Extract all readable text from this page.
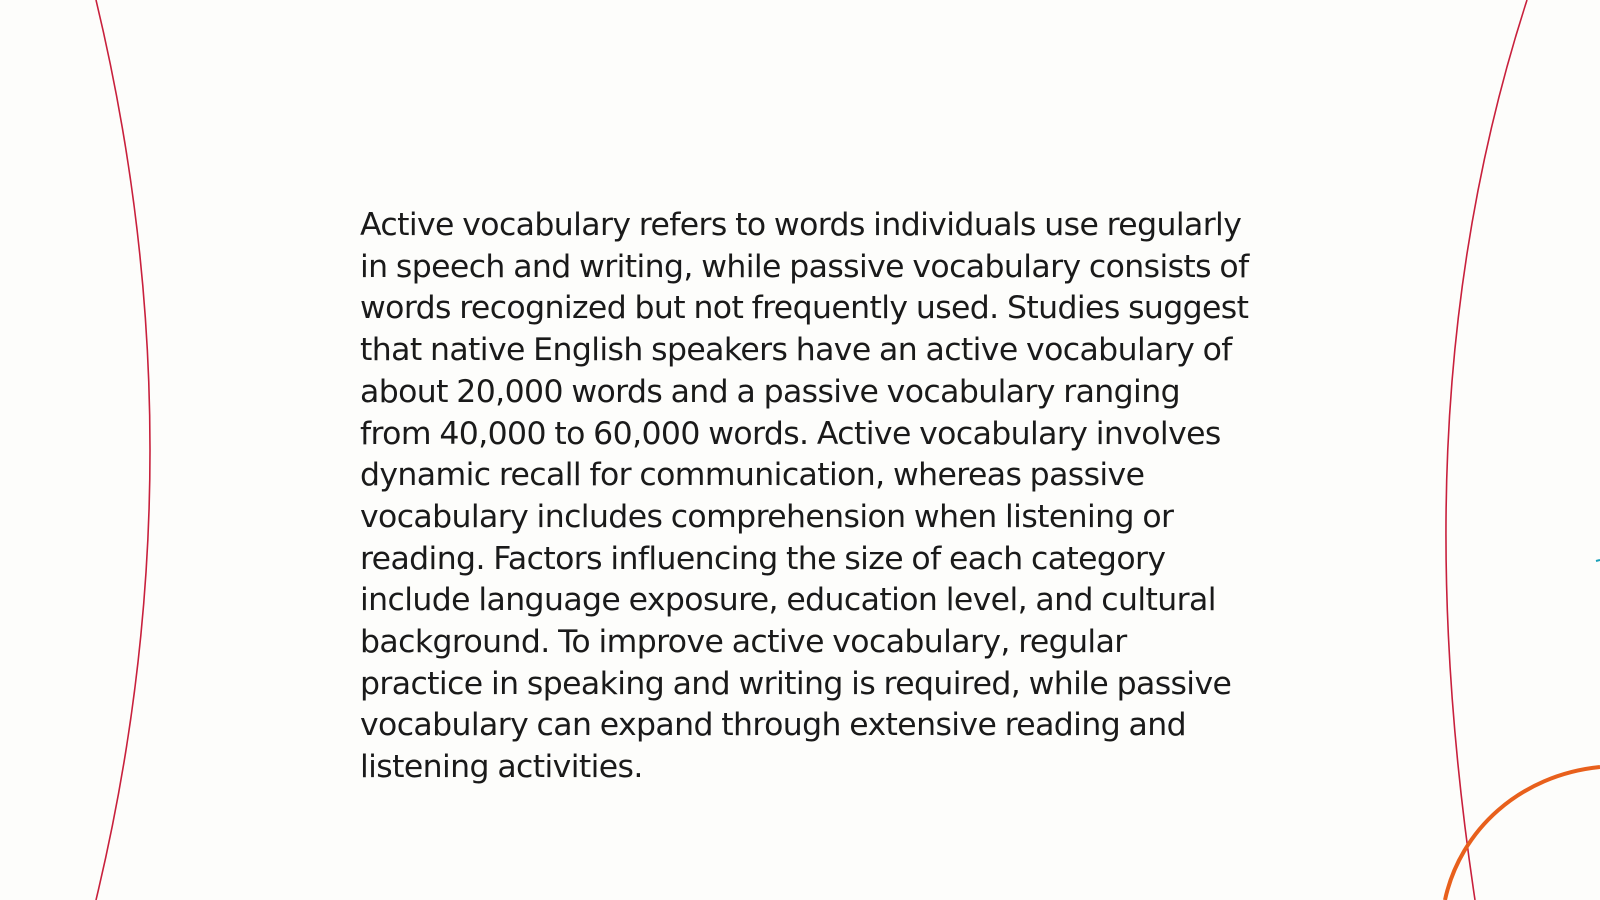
Active vocabulary refers to words individuals use regularly in speech and writing, while passive vocabulary consists of words recognized but not frequently used. Studies suggest that native English speakers have an active vocabulary of about 20,000 words and a passive vocabulary ranging from 40,000 to 60,000 words. Active vocabulary involves dynamic recall for communication, whereas passive vocabulary includes comprehension when listening or reading. Factors influencing the size of each category include language exposure, education level, and cultural background. To improve active vocabulary, regular practice in speaking and writing is required, while passive vocabulary can expand through extensive reading and listening activities.
